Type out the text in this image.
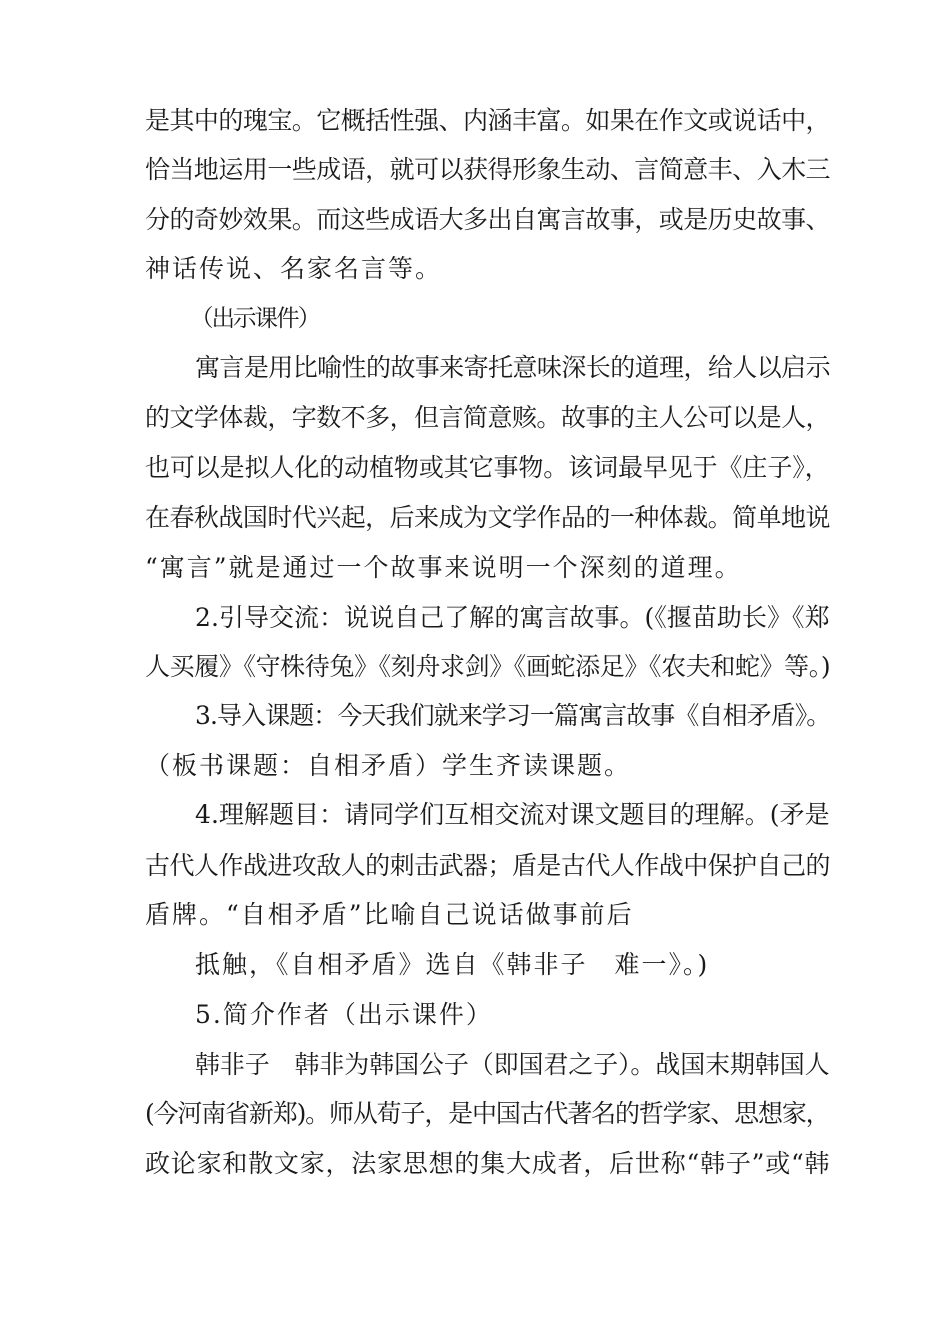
是其中的瑰宝。它概括性强、内涵丰富。如果在作文或说话中，
恰当地运用一些成语，就可以获得形象生动、言简意丰、入木三
分的奇妙效果。而这些成语大多出自寓言故事，或是历史故事、
神话传说、名家名言等。
（出示课件）
寓言是用比喻性的故事来寄托意味深长的道理，给人以启示
的文学体裁，字数不多，但言简意赅。故事的主人公可以是人，
也可以是拟人化的动植物或其它事物。该词最早见于《庄子》，
在春秋战国时代兴起，后来成为文学作品的一种体裁。简单地说
“寓言”就是通过一个故事来说明一个深刻的道理。
2.引导交流：说说自己了解的寓言故事。(《揠苗助长》《郑
人买履》《守株待兔》《刻舟求剑》《画蛇添足》《农夫和蛇》等。)
3.导入课题：今天我们就来学习一篇寓言故事《自相矛盾》。
（板书课题：自相矛盾）学生齐读课题。
4.理解题目：请同学们互相交流对课文题目的理解。(矛是
古代人作战进攻敌人的刺击武器；盾是古代人作战中保护自己的
盾牌。“自相矛盾”比喻自己说话做事前后
抵触，《自相矛盾》选自《韩非子　难一》。)
5.简介作者（出示课件）
韩非子　韩非为韩国公子（即国君之子）。战国末期韩国人
(今河南省新郑)。师从荀子，是中国古代著名的哲学家、思想家，
政论家和散文家，法家思想的集大成者，后世称“韩子”或“韩
